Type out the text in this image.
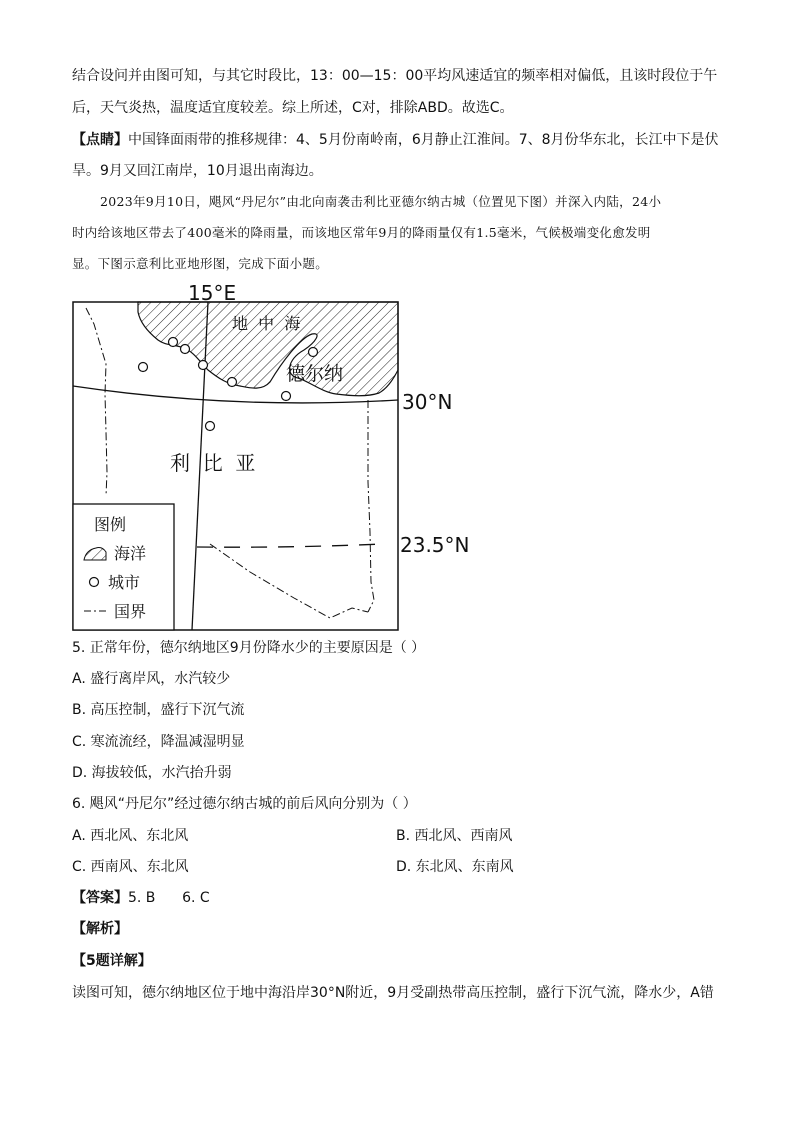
结合设问并由图可知，与其它时段比，13：00—15：00平均风速适宜的频率相对偏低，且该时段位于午
后，天气炎热，温度适宜度较差。综上所述，C对，排除ABD。故选C。
【点睛】中国锋面雨带的推移规律：4、5月份南岭南，6月静止江淮间。7、8月份华东北，长江中下是伏
旱。9月又回江南岸，10月退出南海边。
2023年9月10日，飓风“丹尼尔”由北向南袭击利比亚德尔纳古城（位置见下图）并深入内陆，24小
时内给该地区带去了400毫米的降雨量，而该地区常年9月的降雨量仅有1.5毫米，气候极端变化愈发明
显。下图示意利比亚地形图，完成下面小题。
15°E
地  中  海
德尔纳
30°N
利  比  亚
23.5°N
图例
海洋
城市
国界
5. 正常年份，德尔纳地区9月份降水少的主要原因是（ ）
A. 盛行离岸风，水汽较少
B. 高压控制，盛行下沉气流
C. 寒流流经，降温减湿明显
D. 海拔较低，水汽抬升弱
6. 飓风“丹尼尔”经过德尔纳古城的前后风向分别为（ ）
A. 西北风、东北风	B. 西北风、西南风
C. 西南风、东北风	D. 东北风、东南风
【答案】5. B      6. C
【解析】
【5题详解】
读图可知，德尔纳地区位于地中海沿岸30°N附近，9月受副热带高压控制，盛行下沉气流，降水少，A错
